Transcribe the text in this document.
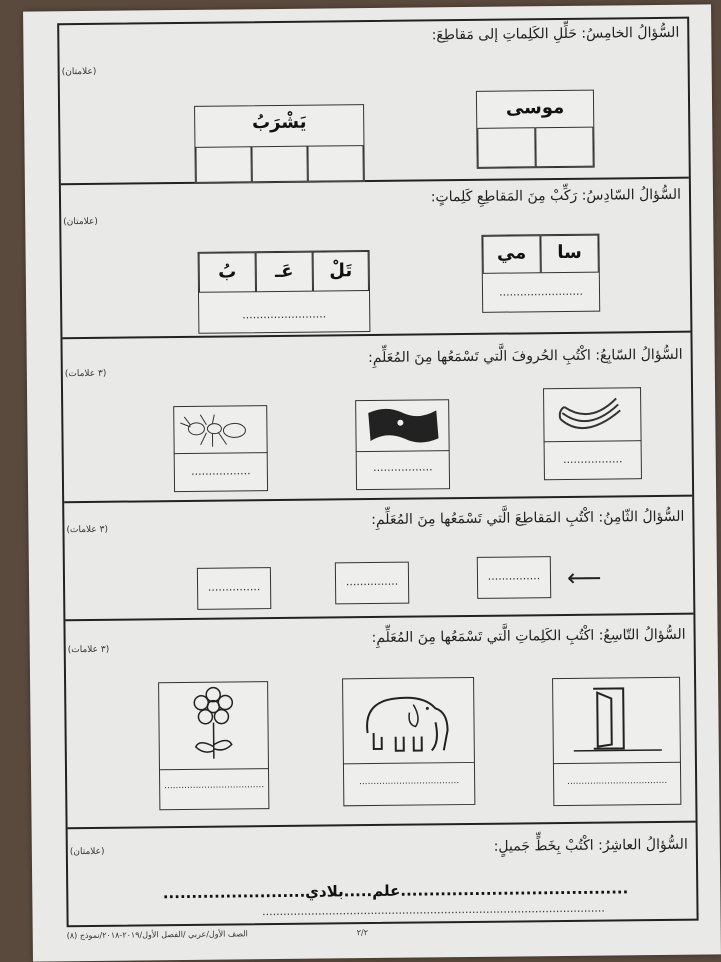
السُّؤالُ الخامِسُ: حَلِّلِ الكَلِماتِ إلى مَقاطِعَ:
(علامتان)
موسى
يَشْرَبُ
السُّؤالُ السّادِسُ: رَكِّبْ مِنَ المَقاطِعِ كَلِماتٍ:
(علامتان)
سا
مي
........................
تَلْ
عَـ
بُ
........................
السُّؤالُ السّابِعُ: اكْتُبِ الحُروفَ الَّتي تَسْمَعُها مِنَ المُعَلِّمِ:
(٣ علامات)
.................
.................
.................
السُّؤالُ الثّامِنُ: اكْتُبِ المَقاطِعَ الَّتي تَسْمَعُها مِنَ المُعَلِّمِ:
(٣ علامات)
⟵
...............
...............
...............
السُّؤالُ التّاسِعُ: اكْتُبِ الكَلِماتِ الَّتي تَسْمَعُها مِنَ المُعَلِّمِ:
(٣ علامات)
...................................
...................................
...................................
السُّؤالُ العاشِرُ: اكْتُبْ بِخَطٍّ جَميلٍ:
(علامتان)
........................................علم.....بلادي.........................
..................................................................................................
الصف الأول/عربي /الفصل الأول/٢٠١٩-٢٠١٨/نموذج (٨)	٢/٢
